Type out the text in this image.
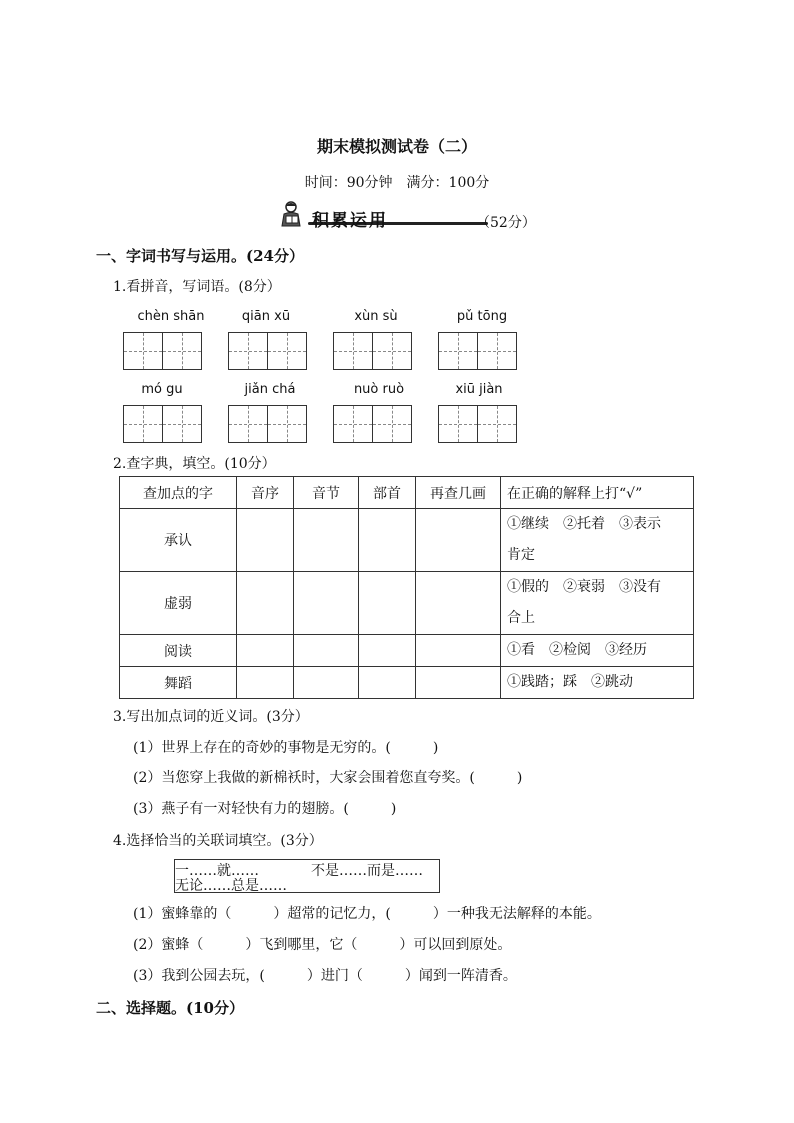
期末模拟测试卷（二）
时间：90分钟　满分：100分
积累运用	（52分）
一、字词书写与运用。(24分）
1.看拼音，写词语。(8分）
chèn shān	qiān xū	xùn sù	pǔ tōng
mó gu	jiǎn chá	nuò ruò	xiū jiàn
2.查字典，填空。(10分）
查加点的字	音序	音节	部首	再查几画	在正确的解释上打“√”
承认					①继续　②托着　③表示
肯定

虚弱					①假的　②衰弱　③没有
合上

阅读					①看　②检阅　③经历

舞蹈					①践踏；踩　②跳动
3.写出加点词的近义词。(3分）
(1）世界上存在的奇妙的事物是无穷的。(　　　)
(2）当您穿上我做的新棉袄时，大家会围着您直夸奖。(　　　)
(3）燕子有一对轻快有力的翅膀。(　　　)
4.选择恰当的关联词填空。(3分）
一……就……	不是……而是……
无论……总是……
(1）蜜蜂靠的（　　　）超常的记忆力，(　　　）一种我无法解释的本能。
(2）蜜蜂（　　　）飞到哪里，它（　　　）可以回到原处。
(3）我到公园去玩，(　　　）进门（　　　）闻到一阵清香。
二、选择题。(10分）
